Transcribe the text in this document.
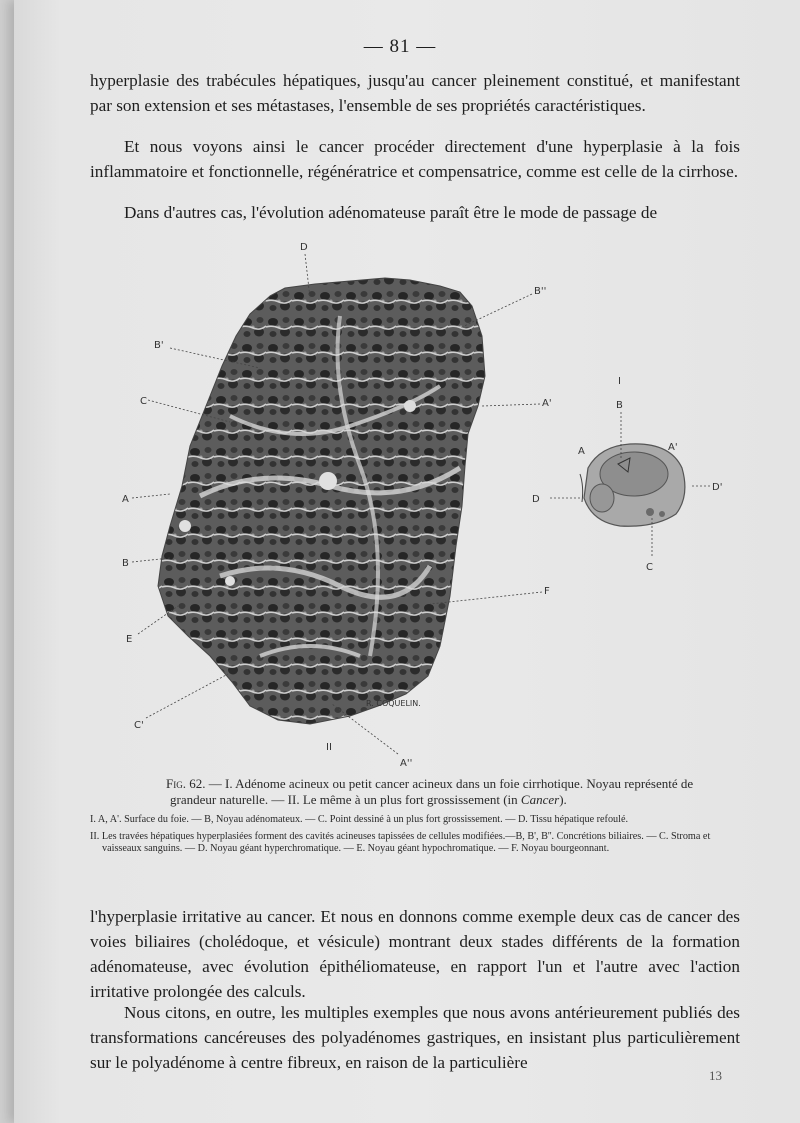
— 81 —

hyperplasie des trabécules hépatiques, jusqu'au cancer pleinement constitué, et manifestant par son extension et ses métastases, l'ensemble de ses propriétés caractéristiques.

Et nous voyons ainsi le cancer procéder directement d'une hyperplasie à la fois inflammatoire et fonctionnelle, régénératrice et compensatrice, comme est celle de la cirrhose.

Dans d'autres cas, l'évolution adénomateuse paraît être le mode de passage de

D
B''
B'
C	A'
A
B
E
F
C'
A''
II
R. COQUELIN.
I
B
A	A'
D
D'
C

Fig. 62. — I. Adénome acineux ou petit cancer acineux dans un foie cirrhotique. Noyau représenté de grandeur naturelle. — II. Le même à un plus fort grossissement (in Cancer).

I. A, A'. Surface du foie. — B, Noyau adénomateux. — C. Point dessiné à un plus fort grossissement. — D. Tissu hépatique refoulé.

II. Les travées hépatiques hyperplasiées forment des cavités acineuses tapissées de cellules modifiées.—B, B', B''. Concrétions biliaires. — C. Stroma et vaisseaux sanguins. — D. Noyau géant hyperchromatique. — E. Noyau géant hypochromatique. — F. Noyau bourgeonnant.

l'hyperplasie irritative au cancer. Et nous en donnons comme exemple deux cas de cancer des voies biliaires (cholédoque, et vésicule) montrant deux stades différents de la formation adénomateuse, avec évolution épithéliomateuse, en rapport l'un et l'autre avec l'action irritative prolongée des calculs.

Nous citons, en outre, les multiples exemples que nous avons antérieurement publiés des transformations cancéreuses des polyadénomes gastriques, en insistant plus particulièrement sur le polyadénome à centre fibreux, en raison de la particulière

13
